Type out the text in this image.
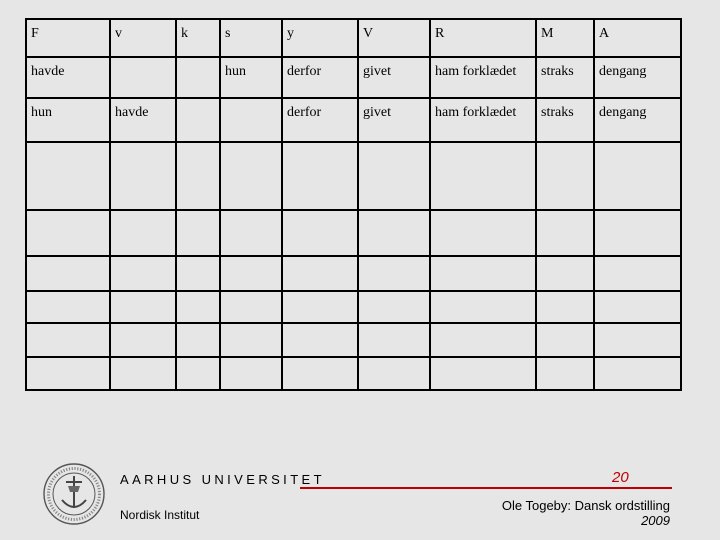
F	v	k	s	y	V	R	M	A
havde			hun	derfor	givet	ham forklædet	straks	dengang
hun	havde			derfor	givet	ham forklædet	straks	dengang

AARHUS UNIVERSITET
Nordisk Institut
20
Ole Togeby: Dansk ordstilling
2009
